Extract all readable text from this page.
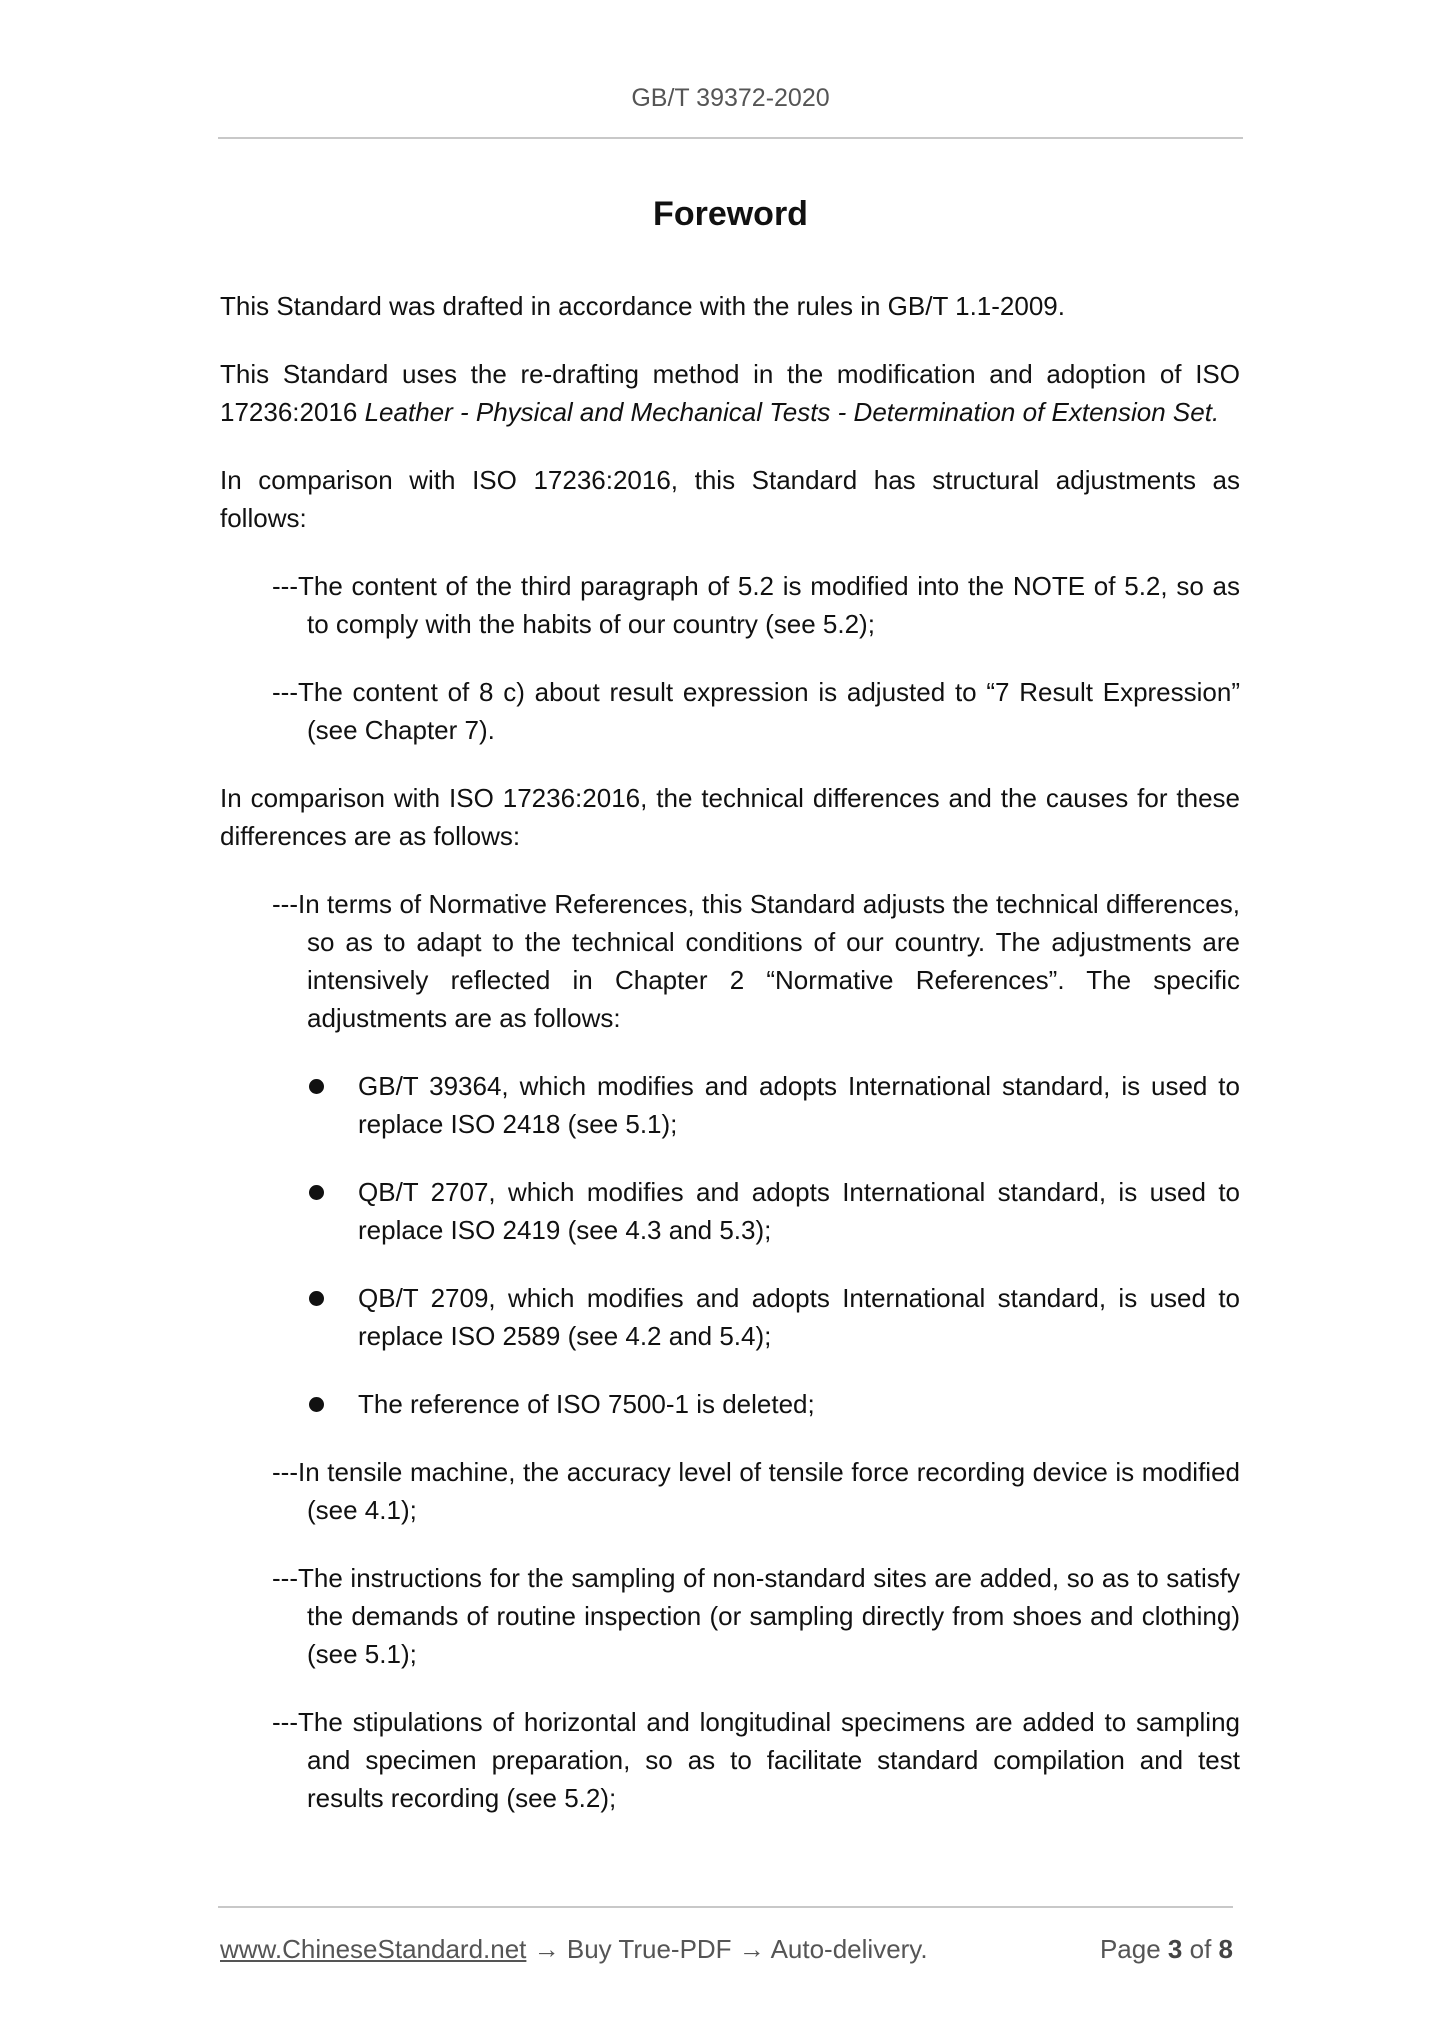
GB/T 39372-2020
Foreword

This Standard was drafted in accordance with the rules in GB/T 1.1-2009.

This Standard uses the re-drafting method in the modification and adoption of ISO 17236:2016 Leather - Physical and Mechanical Tests - Determination of Extension Set.

In comparison with ISO 17236:2016, this Standard has structural adjustments as follows:

---The content of the third paragraph of 5.2 is modified into the NOTE of 5.2, so as to comply with the habits of our country (see 5.2);

---The content of 8 c) about result expression is adjusted to “7 Result Expression” (see Chapter 7).

In comparison with ISO 17236:2016, the technical differences and the causes for these differences are as follows:

---In terms of Normative References, this Standard adjusts the technical differences, so as to adapt to the technical conditions of our country. The adjustments are intensively reflected in Chapter 2 “Normative References”. The specific adjustments are as follows:

GB/T 39364, which modifies and adopts International standard, is used to replace ISO 2418 (see 5.1);
QB/T 2707, which modifies and adopts International standard, is used to replace ISO 2419 (see 4.3 and 5.3);
QB/T 2709, which modifies and adopts International standard, is used to replace ISO 2589 (see 4.2 and 5.4);
The reference of ISO 7500-1 is deleted;

---In tensile machine, the accuracy level of tensile force recording device is modified (see 4.1);

---The instructions for the sampling of non-standard sites are added, so as to satisfy the demands of routine inspection (or sampling directly from shoes and clothing) (see 5.1);

---The stipulations of horizontal and longitudinal specimens are added to sampling and specimen preparation, so as to facilitate standard compilation and test results recording (see 5.2);

www.ChineseStandard.net → Buy True-PDF → Auto-delivery.	Page 3 of 8
